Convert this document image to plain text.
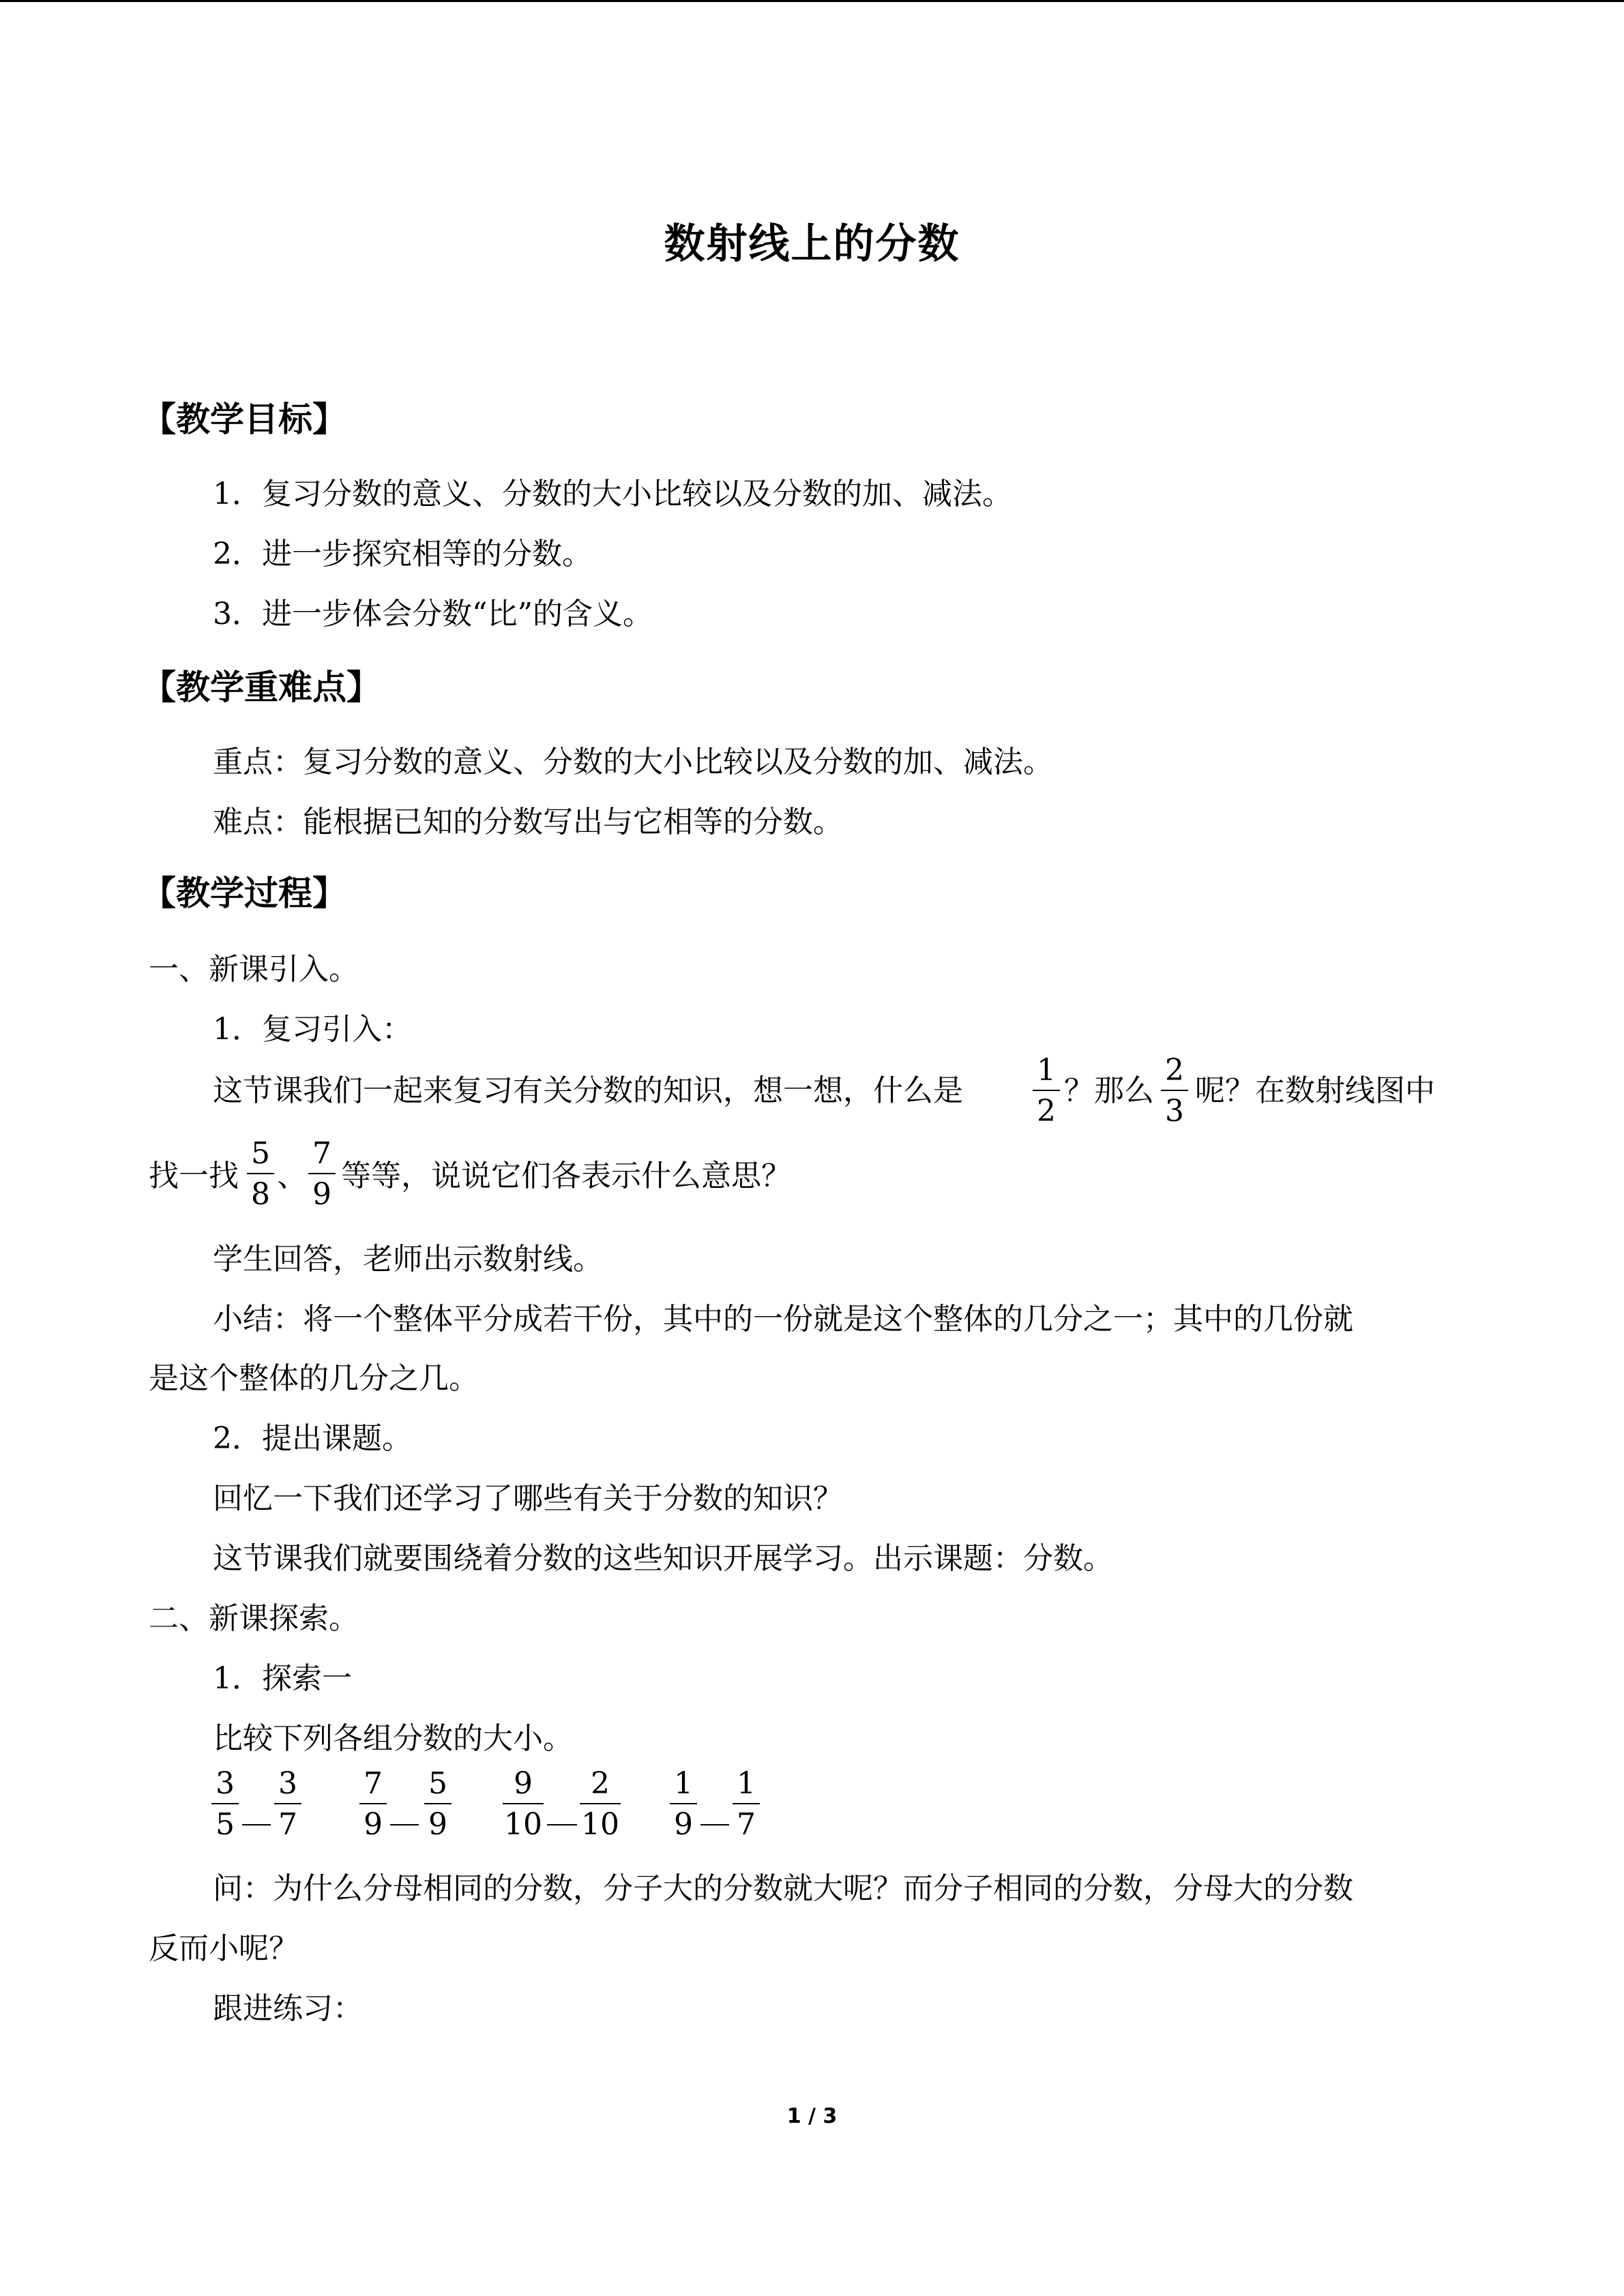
数射线上的分数
【教学目标】
1．复习分数的意义、分数的大小比较以及分数的加、减法。
2．进一步探究相等的分数。
3．进一步体会分数“比”的含义。
【教学重难点】
重点：复习分数的意义、分数的大小比较以及分数的加、减法。
难点：能根据已知的分数写出与它相等的分数。
【教学过程】
一、新课引入。
1．复习引入：
这节课我们一起来复习有关分数的知识，想一想，什么是
1
2
？那么
2
3
呢？在数射线图中
找一找
5
8
、
7
9
等等，说说它们各表示什么意思？
学生回答，老师出示数射线。
小结：将一个整体平分成若干份，其中的一份就是这个整体的几分之一；其中的几份就
是这个整体的几分之几。
2．提出课题。
回忆一下我们还学习了哪些有关于分数的知识？
这节课我们就要围绕着分数的这些知识开展学习。出示课题：分数。
二、新课探索。
1．探索一
比较下列各组分数的大小。
3
5
3
7
7
9
5
9
9
10
2
10
1
9
1
7
问：为什么分母相同的分数，分子大的分数就大呢？而分子相同的分数，分母大的分数
反而小呢？
跟进练习：
1 / 3
